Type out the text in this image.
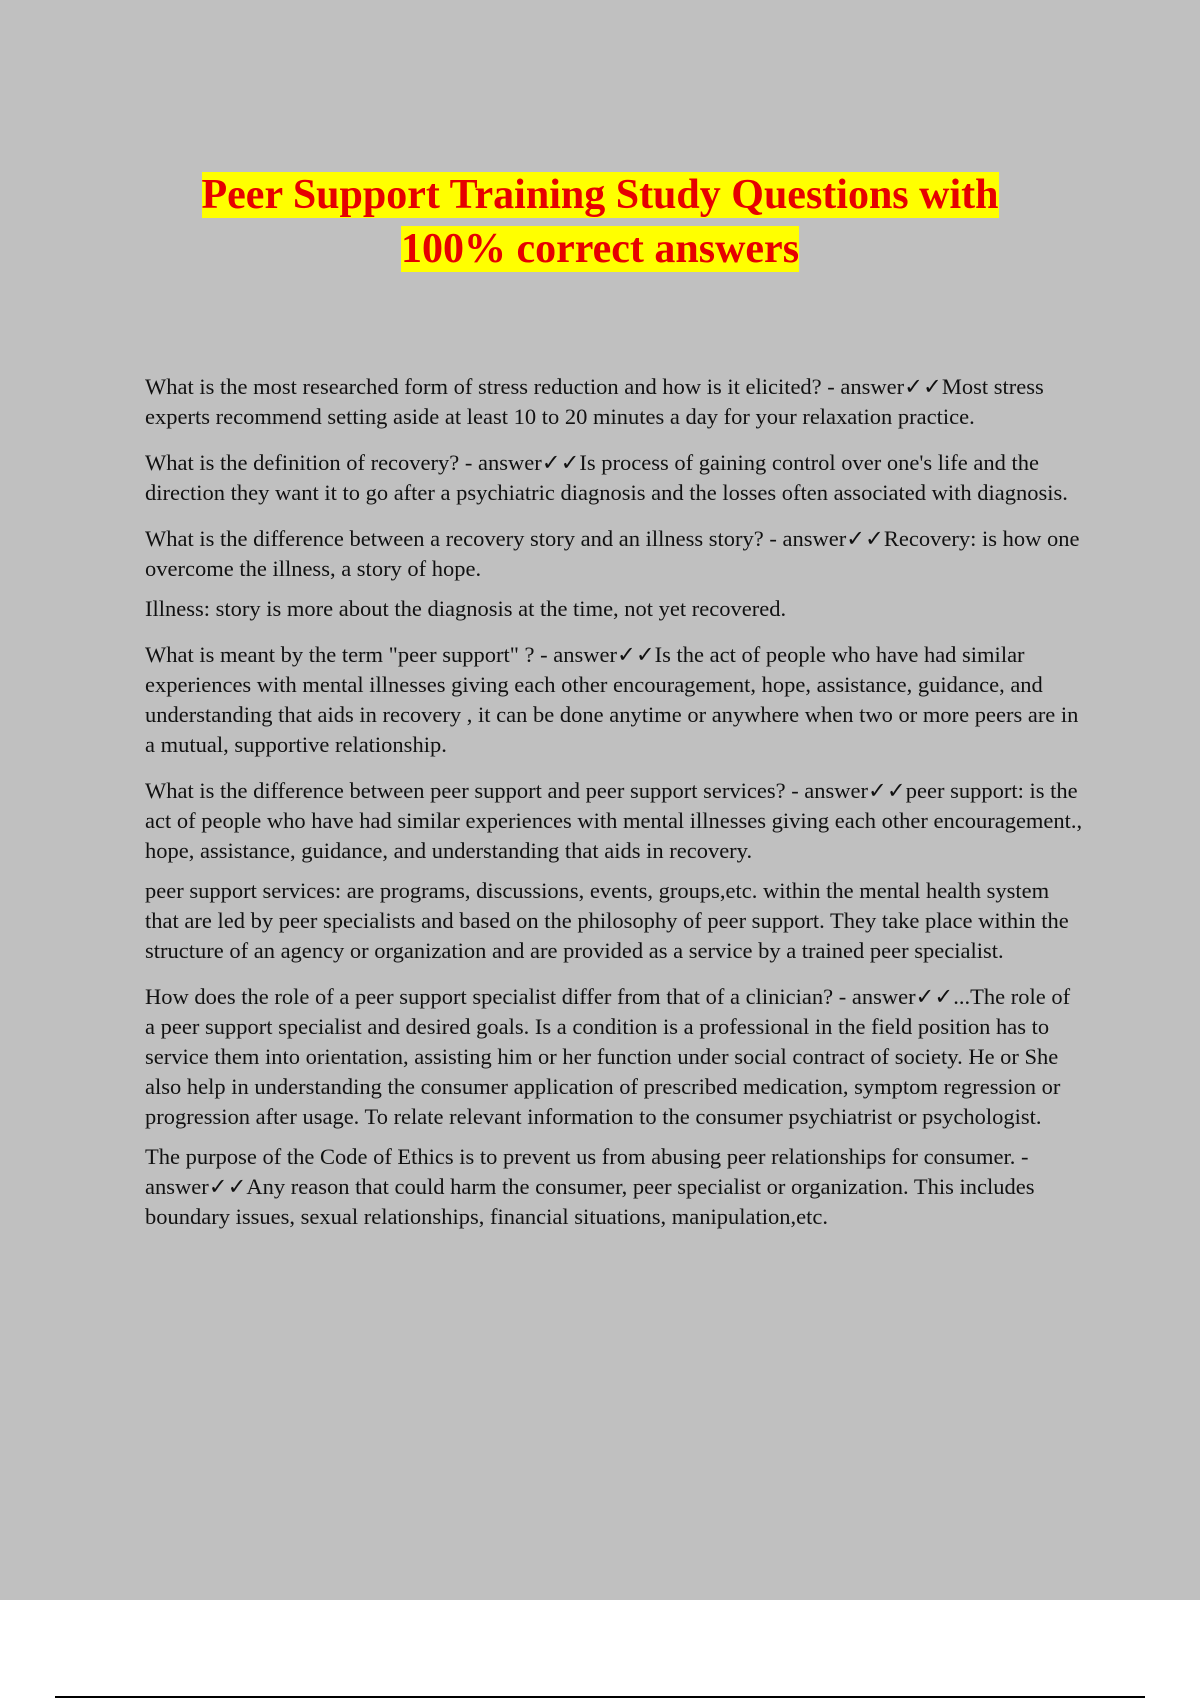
Peer Support Training Study Questions with
100% correct answers

What is the most researched form of stress reduction and how is it elicited? - answer✓✓Most stress experts recommend setting aside at least 10 to 20 minutes a day for your relaxation practice.

What is the definition of recovery? - answer✓✓Is process of gaining control over one's life and the direction they want it to go after a psychiatric diagnosis and the losses often associated with diagnosis.

What is the difference between a recovery story and an illness story? - answer✓✓Recovery: is how one overcome the illness, a story of hope.

Illness: story is more about the diagnosis at the time, not yet recovered.

What is meant by the term "peer support" ? - answer✓✓Is the act of people who have had similar experiences with mental illnesses giving each other encouragement, hope, assistance, guidance, and understanding that aids in recovery , it can be done anytime or anywhere when two or more peers are in a mutual, supportive relationship.

What is the difference between peer support and peer support services? - answer✓✓peer support: is the act of people who have had similar experiences with mental illnesses giving each other encouragement., hope, assistance, guidance, and understanding that aids in recovery.

peer support services: are programs, discussions, events, groups,etc. within the mental health system that are led by peer specialists and based on the philosophy of peer support. They take place within the structure of an agency or organization and are provided as a service by a trained peer specialist.

How does the role of a peer support specialist differ from that of a clinician? - answer✓✓...The role of a peer support specialist and desired goals. Is a condition is a professional in the field position has to service them into orientation, assisting him or her function under social contract of society. He or She also help in understanding the consumer application of prescribed medication, symptom regression or progression after usage. To relate relevant information to the consumer psychiatrist or psychologist.

The purpose of the Code of Ethics is to prevent us from abusing peer relationships for consumer. - answer✓✓Any reason that could harm the consumer, peer specialist or organization. This includes boundary issues, sexual relationships, financial situations, manipulation,etc.
